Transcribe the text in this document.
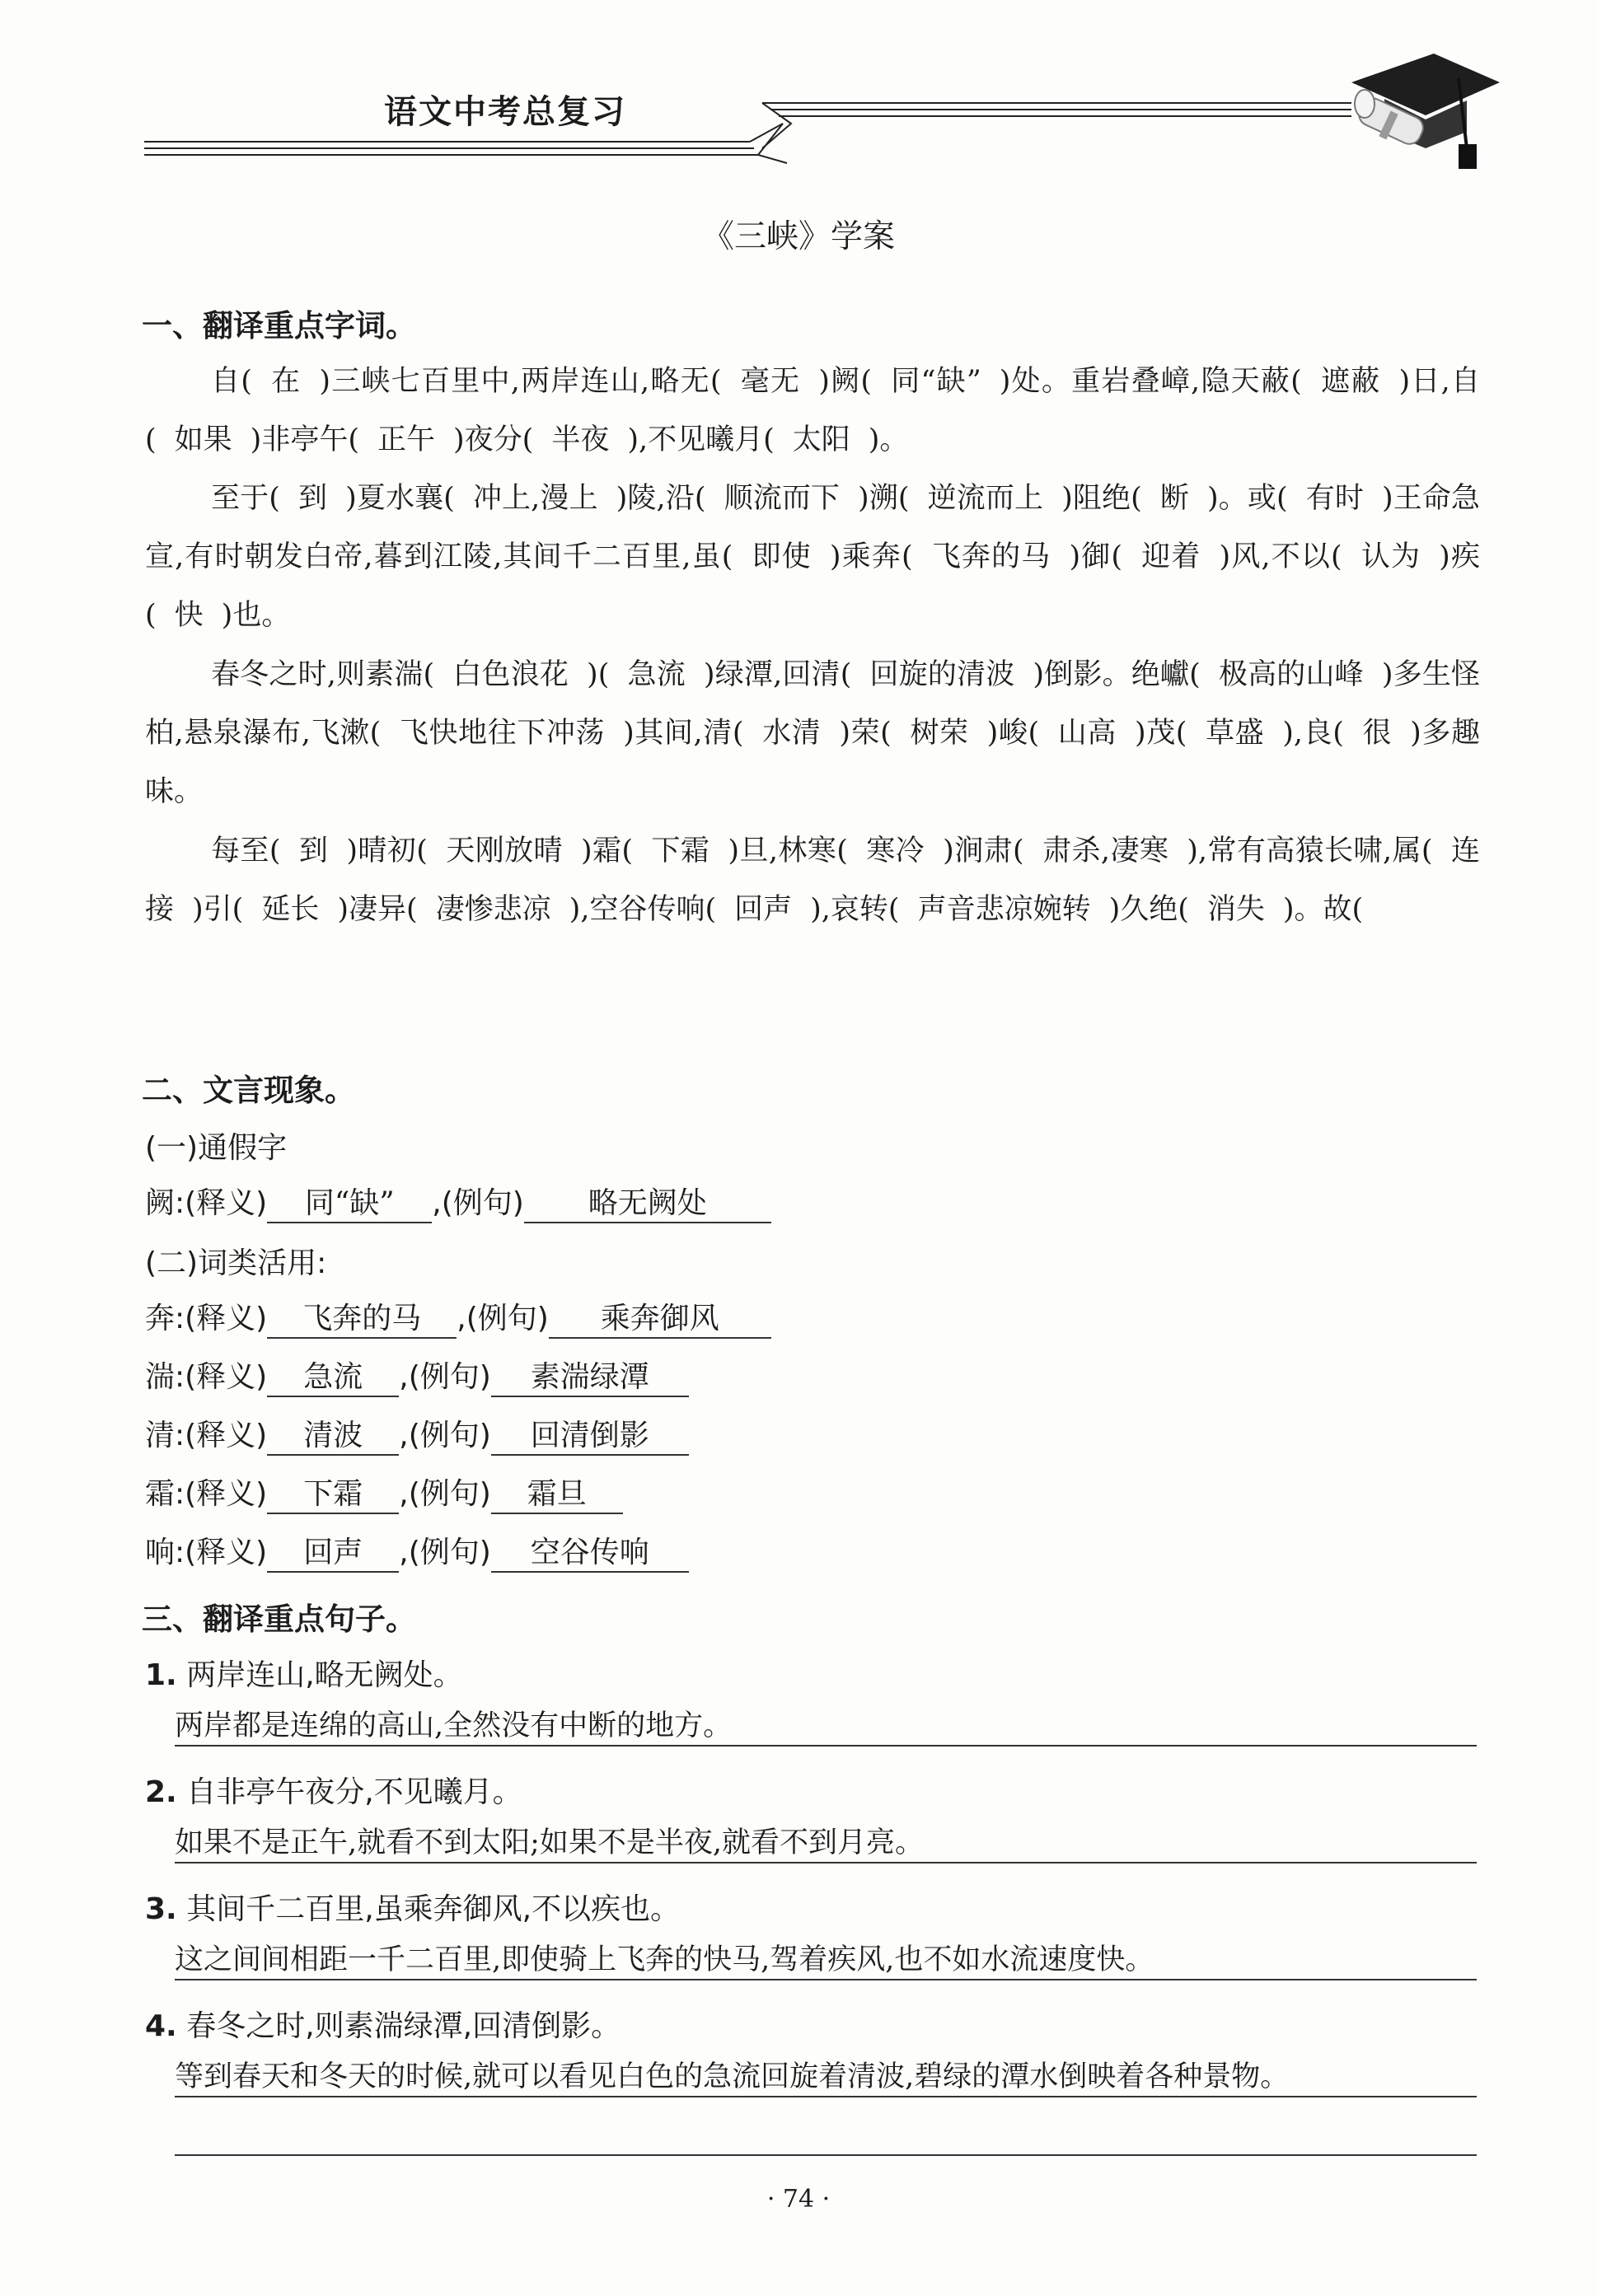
语文中考总复习
《三峡》学案
一、翻译重点字词。
自( 在 )三峡七百里中,两岸连山,略无( 毫无 )阙( 同“缺” )处。重岩叠嶂,隐天蔽( 遮蔽 )日,自( 如果 )非亭午( 正午 )夜分( 半夜 ),不见曦月( 太阳 )。
至于( 到 )夏水襄( 冲上,漫上 )陵,沿( 顺流而下 )溯( 逆流而上 )阻绝( 断 )。或( 有时 )王命急宣,有时朝发白帝,暮到江陵,其间千二百里,虽( 即使 )乘奔( 飞奔的马 )御( 迎着 )风,不以( 认为 )疾( 快 )也。
春冬之时,则素湍( 白色浪花 )( 急流 )绿潭,回清( 回旋的清波 )倒影。绝巘( 极高的山峰 )多生怪柏,悬泉瀑布,飞漱( 飞快地往下冲荡 )其间,清( 水清 )荣( 树荣 )峻( 山高 )茂( 草盛 ),良( 很 )多趣味。
每至( 到 )晴初( 天刚放晴 )霜( 下霜 )旦,林寒( 寒冷 )涧肃( 肃杀,凄寒 ),常有高猿长啸,属( 连接 )引( 延长 )凄异( 凄惨悲凉 ),空谷传响( 回声 ),哀转( 声音悲凉婉转 )久绝( 消失 )。故(
二、文言现象。
(一)通假字
阙:(释义) 同“缺” ,(例句) 略无阙处
(二)词类活用:
奔:(释义) 飞奔的马 ,(例句) 乘奔御风
湍:(释义) 急流 ,(例句) 素湍绿潭
清:(释义) 清波 ,(例句) 回清倒影
霜:(释义) 下霜 ,(例句) 霜旦
响:(释义) 回声 ,(例句) 空谷传响
三、翻译重点句子。
1. 两岸连山,略无阙处。
两岸都是连绵的高山,全然没有中断的地方。
2. 自非亭午夜分,不见曦月。
如果不是正午,就看不到太阳;如果不是半夜,就看不到月亮。
3. 其间千二百里,虽乘奔御风,不以疾也。
这之间间相距一千二百里,即使骑上飞奔的快马,驾着疾风,也不如水流速度快。
4. 春冬之时,则素湍绿潭,回清倒影。
等到春天和冬天的时候,就可以看见白色的急流回旋着清波,碧绿的潭水倒映着各种景物。
· 74 ·
